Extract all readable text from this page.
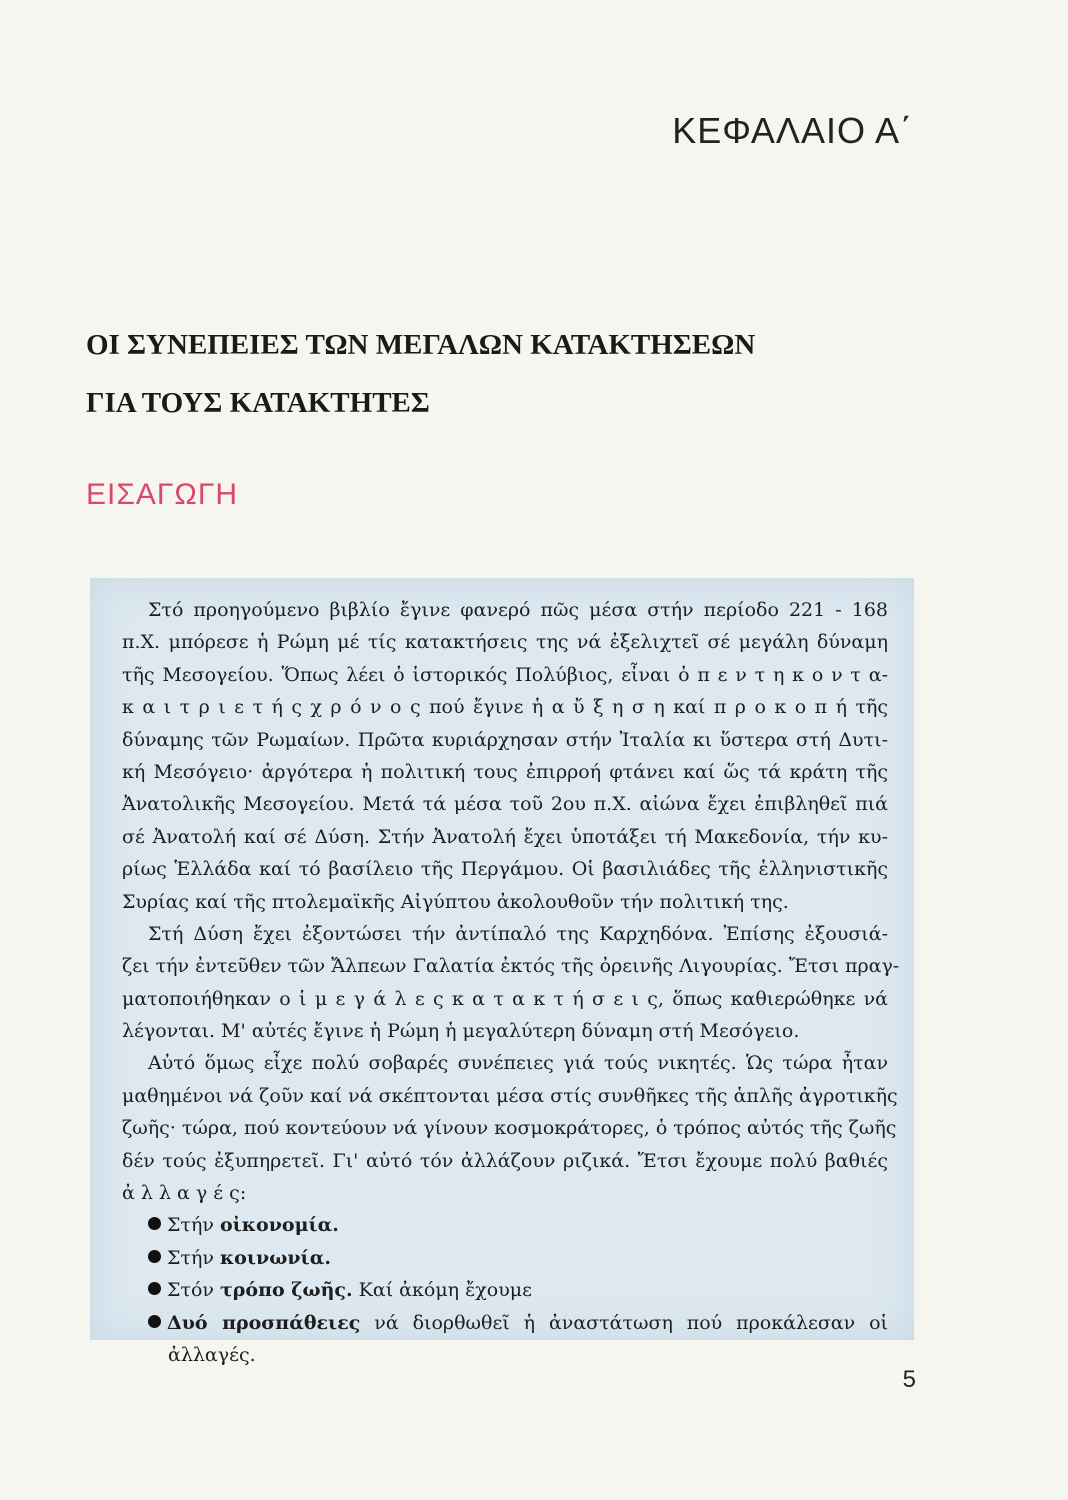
ΚΕΦΑΛΑΙΟ Α΄
ΟΙ ΣΥΝΕΠΕΙΕΣ ΤΩΝ ΜΕΓΑΛΩΝ ΚΑΤΑΚΤΗΣΕΩΝ
ΓΙΑ ΤΟΥΣ ΚΑΤΑΚΤΗΤΕΣ
ΕΙΣΑΓΩΓΗ
Στό προηγούμενο βιβλίο ἔγινε φανερό πῶς μέσα στήν περίοδο 221 - 168
π.Χ. μπόρεσε ἡ Ρώμη μέ τίς κατακτήσεις της νά ἐξελιχτεῖ σέ μεγάλη δύναμη
τῆς Μεσογείου. Ὅπως λέει ὁ ἱστορικός Πολύβιος, εἶναι ὁ π ε ν τ η κ ο ν τ α-
κ α ι τ ρ ι ε τ ή ς χ ρ ό ν ο ς πού ἔγινε ἡ α ὔ ξ η σ η καί π ρ ο κ ο π ή τῆς
δύναμης τῶν Ρωμαίων. Πρῶτα κυριάρχησαν στήν Ἰταλία κι ὕστερα στή Δυτι-
κή Μεσόγειο· ἀργότερα ἡ πολιτική τους ἐπιρροή φτάνει καί ὥς τά κράτη τῆς
Ἀνατολικῆς Μεσογείου. Μετά τά μέσα τοῦ 2ου π.Χ. αἰώνα ἔχει ἐπιβληθεῖ πιά
σέ Ἀνατολή καί σέ Δύση. Στήν Ἀνατολή ἔχει ὑποτάξει τή Μακεδονία, τήν κυ-
ρίως Ἑλλάδα καί τό βασίλειο τῆς Περγάμου. Οἱ βασιλιάδες τῆς ἑλληνιστικῆς
Συρίας καί τῆς πτολεμαϊκῆς Αἰγύπτου ἀκολουθοῦν τήν πολιτική της.
Στή Δύση ἔχει ἐξοντώσει τήν ἀντίπαλό της Καρχηδόνα. Ἐπίσης ἐξουσιά-
ζει τήν ἐντεῦθεν τῶν Ἄλπεων Γαλατία ἐκτός τῆς ὀρεινῆς Λιγουρίας. Ἔτσι πραγ-
ματοποιήθηκαν ο ἱ μ ε γ ά λ ε ς κ α τ α κ τ ή σ ε ι ς, ὅπως καθιερώθηκε νά
λέγονται. Μ' αὐτές ἔγινε ἡ Ρώμη ἡ μεγαλύτερη δύναμη στή Μεσόγειο.
Αὐτό ὅμως εἶχε πολύ σοβαρές συνέπειες γιά τούς νικητές. Ὡς τώρα ἦταν
μαθημένοι νά ζοῦν καί νά σκέπτονται μέσα στίς συνθῆκες τῆς ἁπλῆς ἀγροτικῆς
ζωῆς· τώρα, πού κοντεύουν νά γίνουν κοσμοκράτορες, ὁ τρόπος αὐτός τῆς ζωῆς
δέν τούς ἐξυπηρετεῖ. Γι' αὐτό τόν ἀλλάζουν ριζικά. Ἔτσι ἔχουμε πολύ βαθιές
ἀ λ λ α γ έ ς:
Στήν οἰκονομία.
Στήν κοινωνία.
Στόν τρόπο ζωῆς. Καί ἀκόμη ἔχουμε
Δυό προσπάθειες νά διορθωθεῖ ἡ ἀναστάτωση πού προκάλεσαν οἱ
ἀλλαγές.
5
